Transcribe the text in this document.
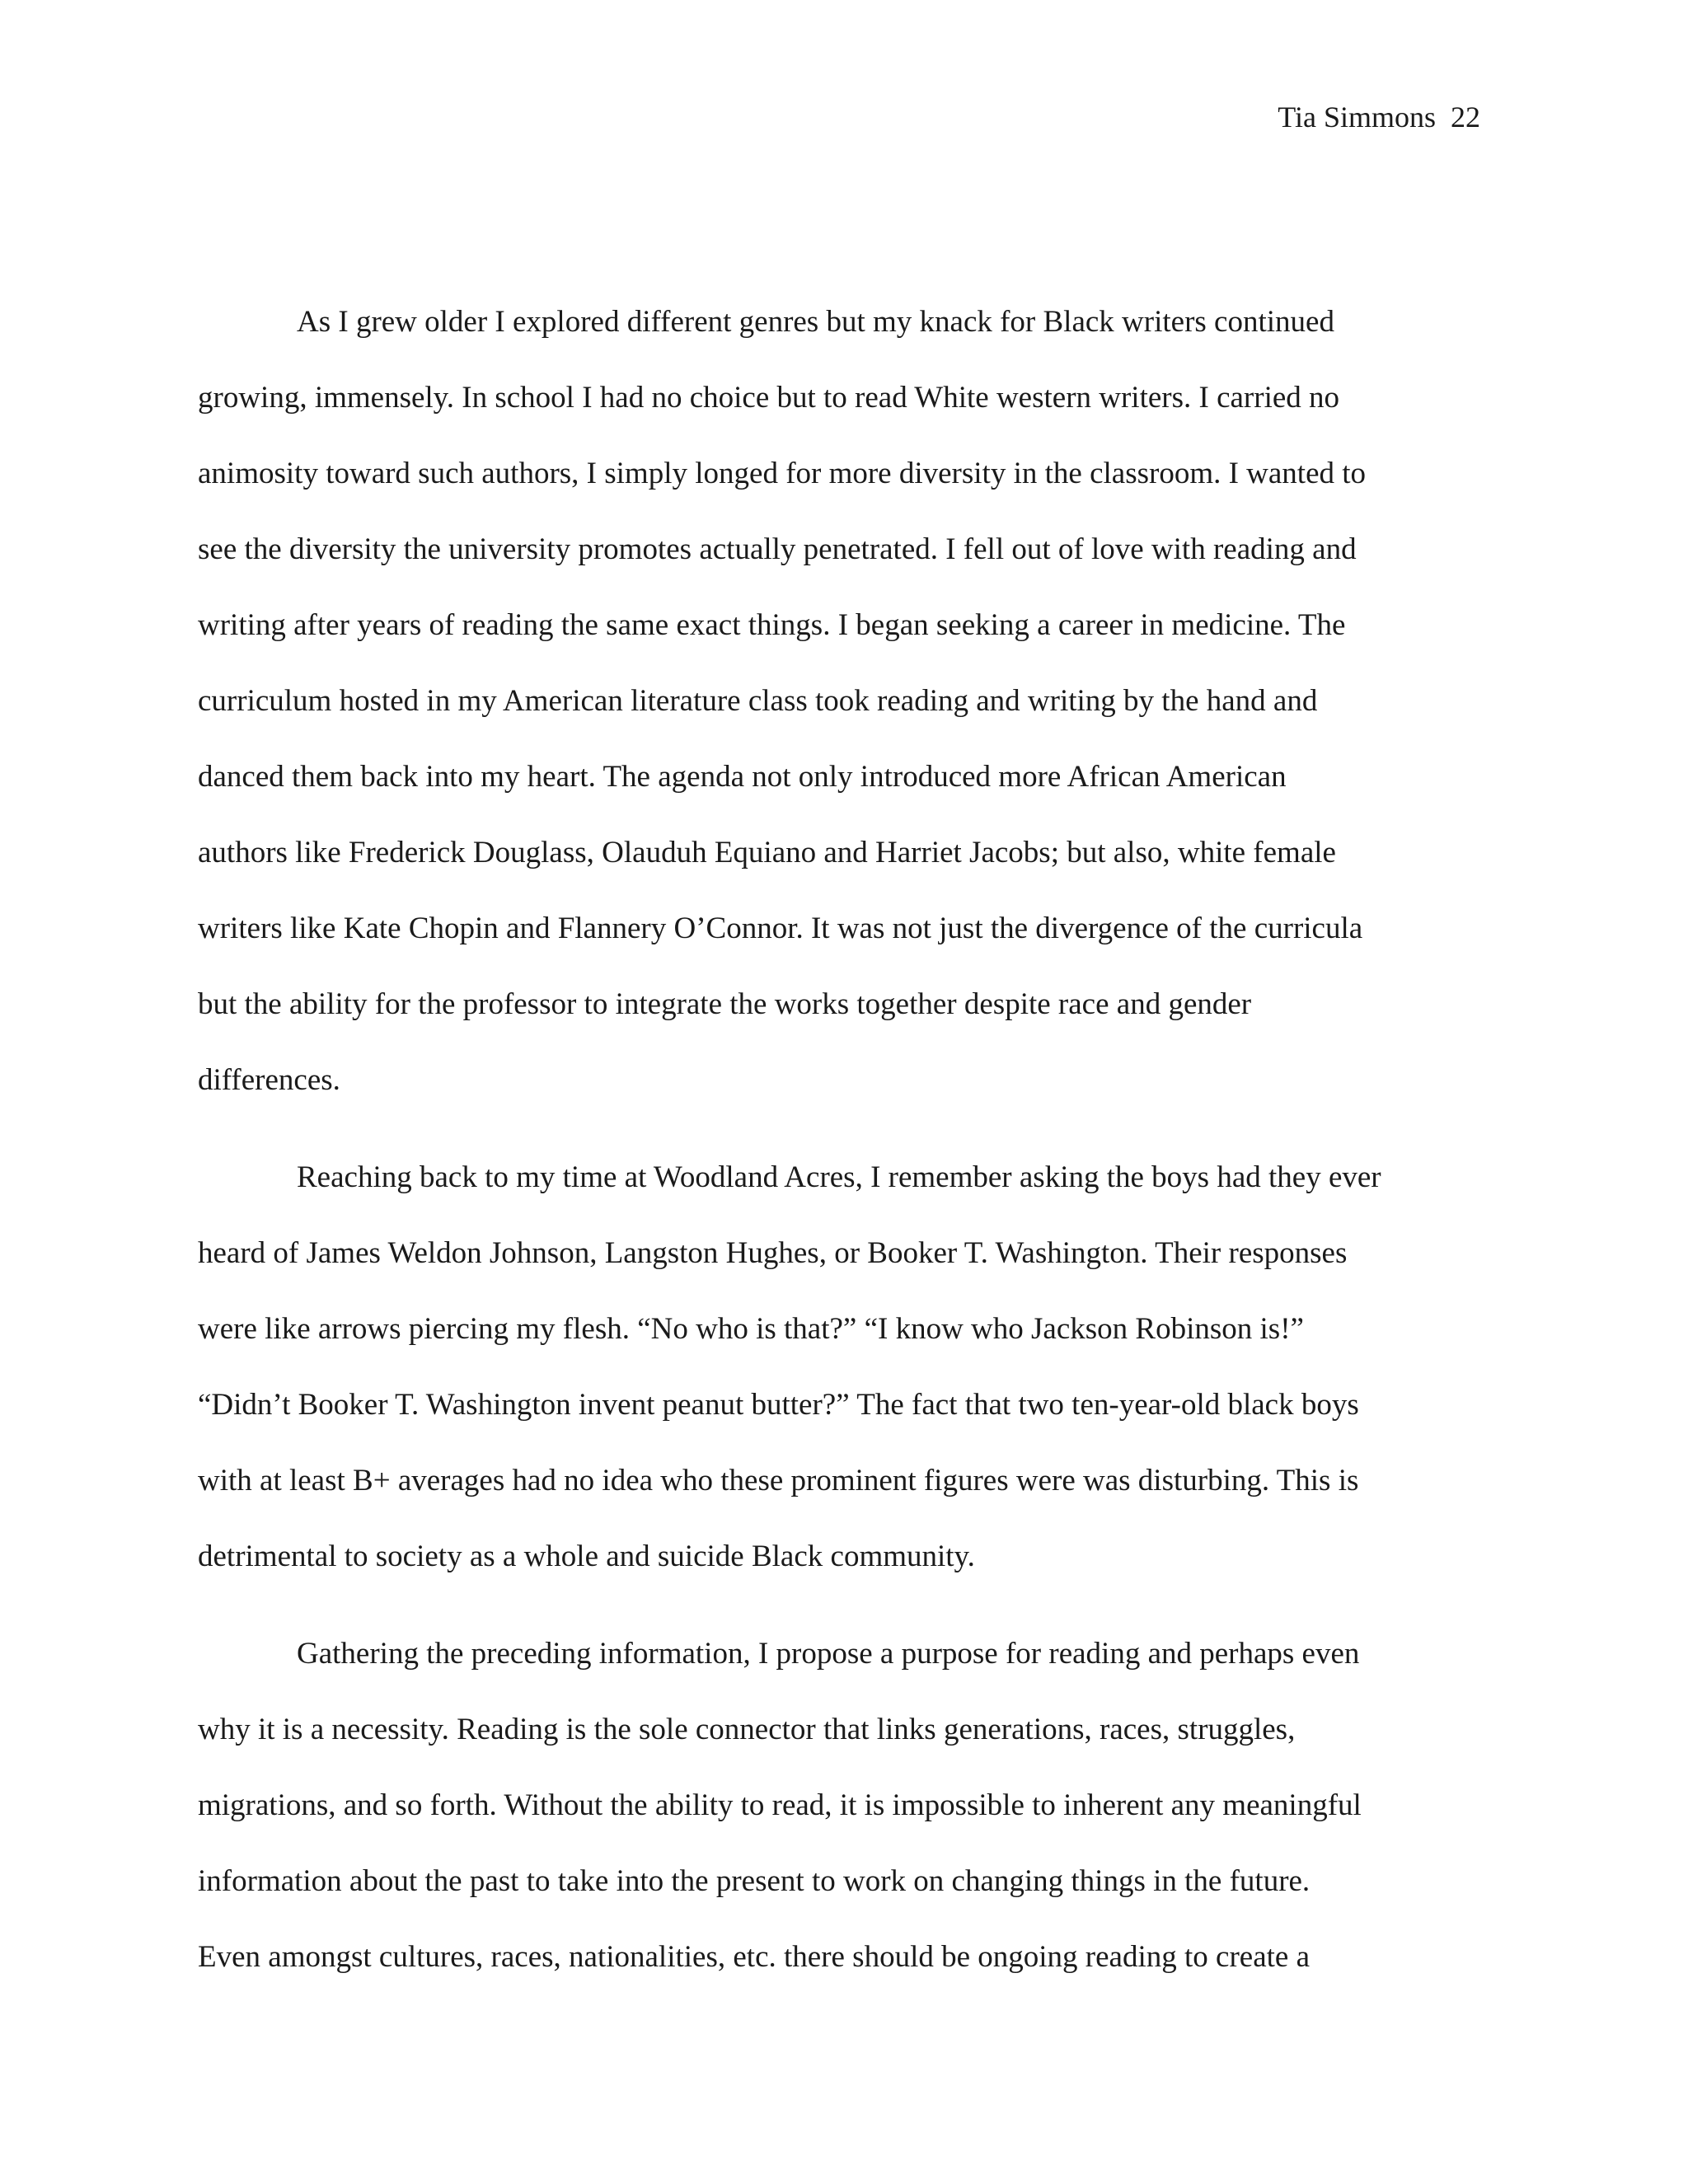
Tia Simmons 22
As I grew older I explored different genres but my knack for Black writers continued
growing, immensely. In school I had no choice but to read White western writers. I carried no
animosity toward such authors, I simply longed for more diversity in the classroom. I wanted to
see the diversity the university promotes actually penetrated. I fell out of love with reading and
writing after years of reading the same exact things. I began seeking a career in medicine. The
curriculum hosted in my American literature class took reading and writing by the hand and
danced them back into my heart. The agenda not only introduced more African American
authors like Frederick Douglass, Olauduh Equiano and Harriet Jacobs; but also, white female
writers like Kate Chopin and Flannery O’Connor. It was not just the divergence of the curricula
but the ability for the professor to integrate the works together despite race and gender
differences.
Reaching back to my time at Woodland Acres, I remember asking the boys had they ever
heard of James Weldon Johnson, Langston Hughes, or Booker T. Washington. Their responses
were like arrows piercing my flesh. “No who is that?” “I know who Jackson Robinson is!”
“Didn’t Booker T. Washington invent peanut butter?” The fact that two ten-year-old black boys
with at least B+ averages had no idea who these prominent figures were was disturbing. This is
detrimental to society as a whole and suicide Black community.
Gathering the preceding information, I propose a purpose for reading and perhaps even
why it is a necessity. Reading is the sole connector that links generations, races, struggles,
migrations, and so forth. Without the ability to read, it is impossible to inherent any meaningful
information about the past to take into the present to work on changing things in the future.
Even amongst cultures, races, nationalities, etc. there should be ongoing reading to create a
